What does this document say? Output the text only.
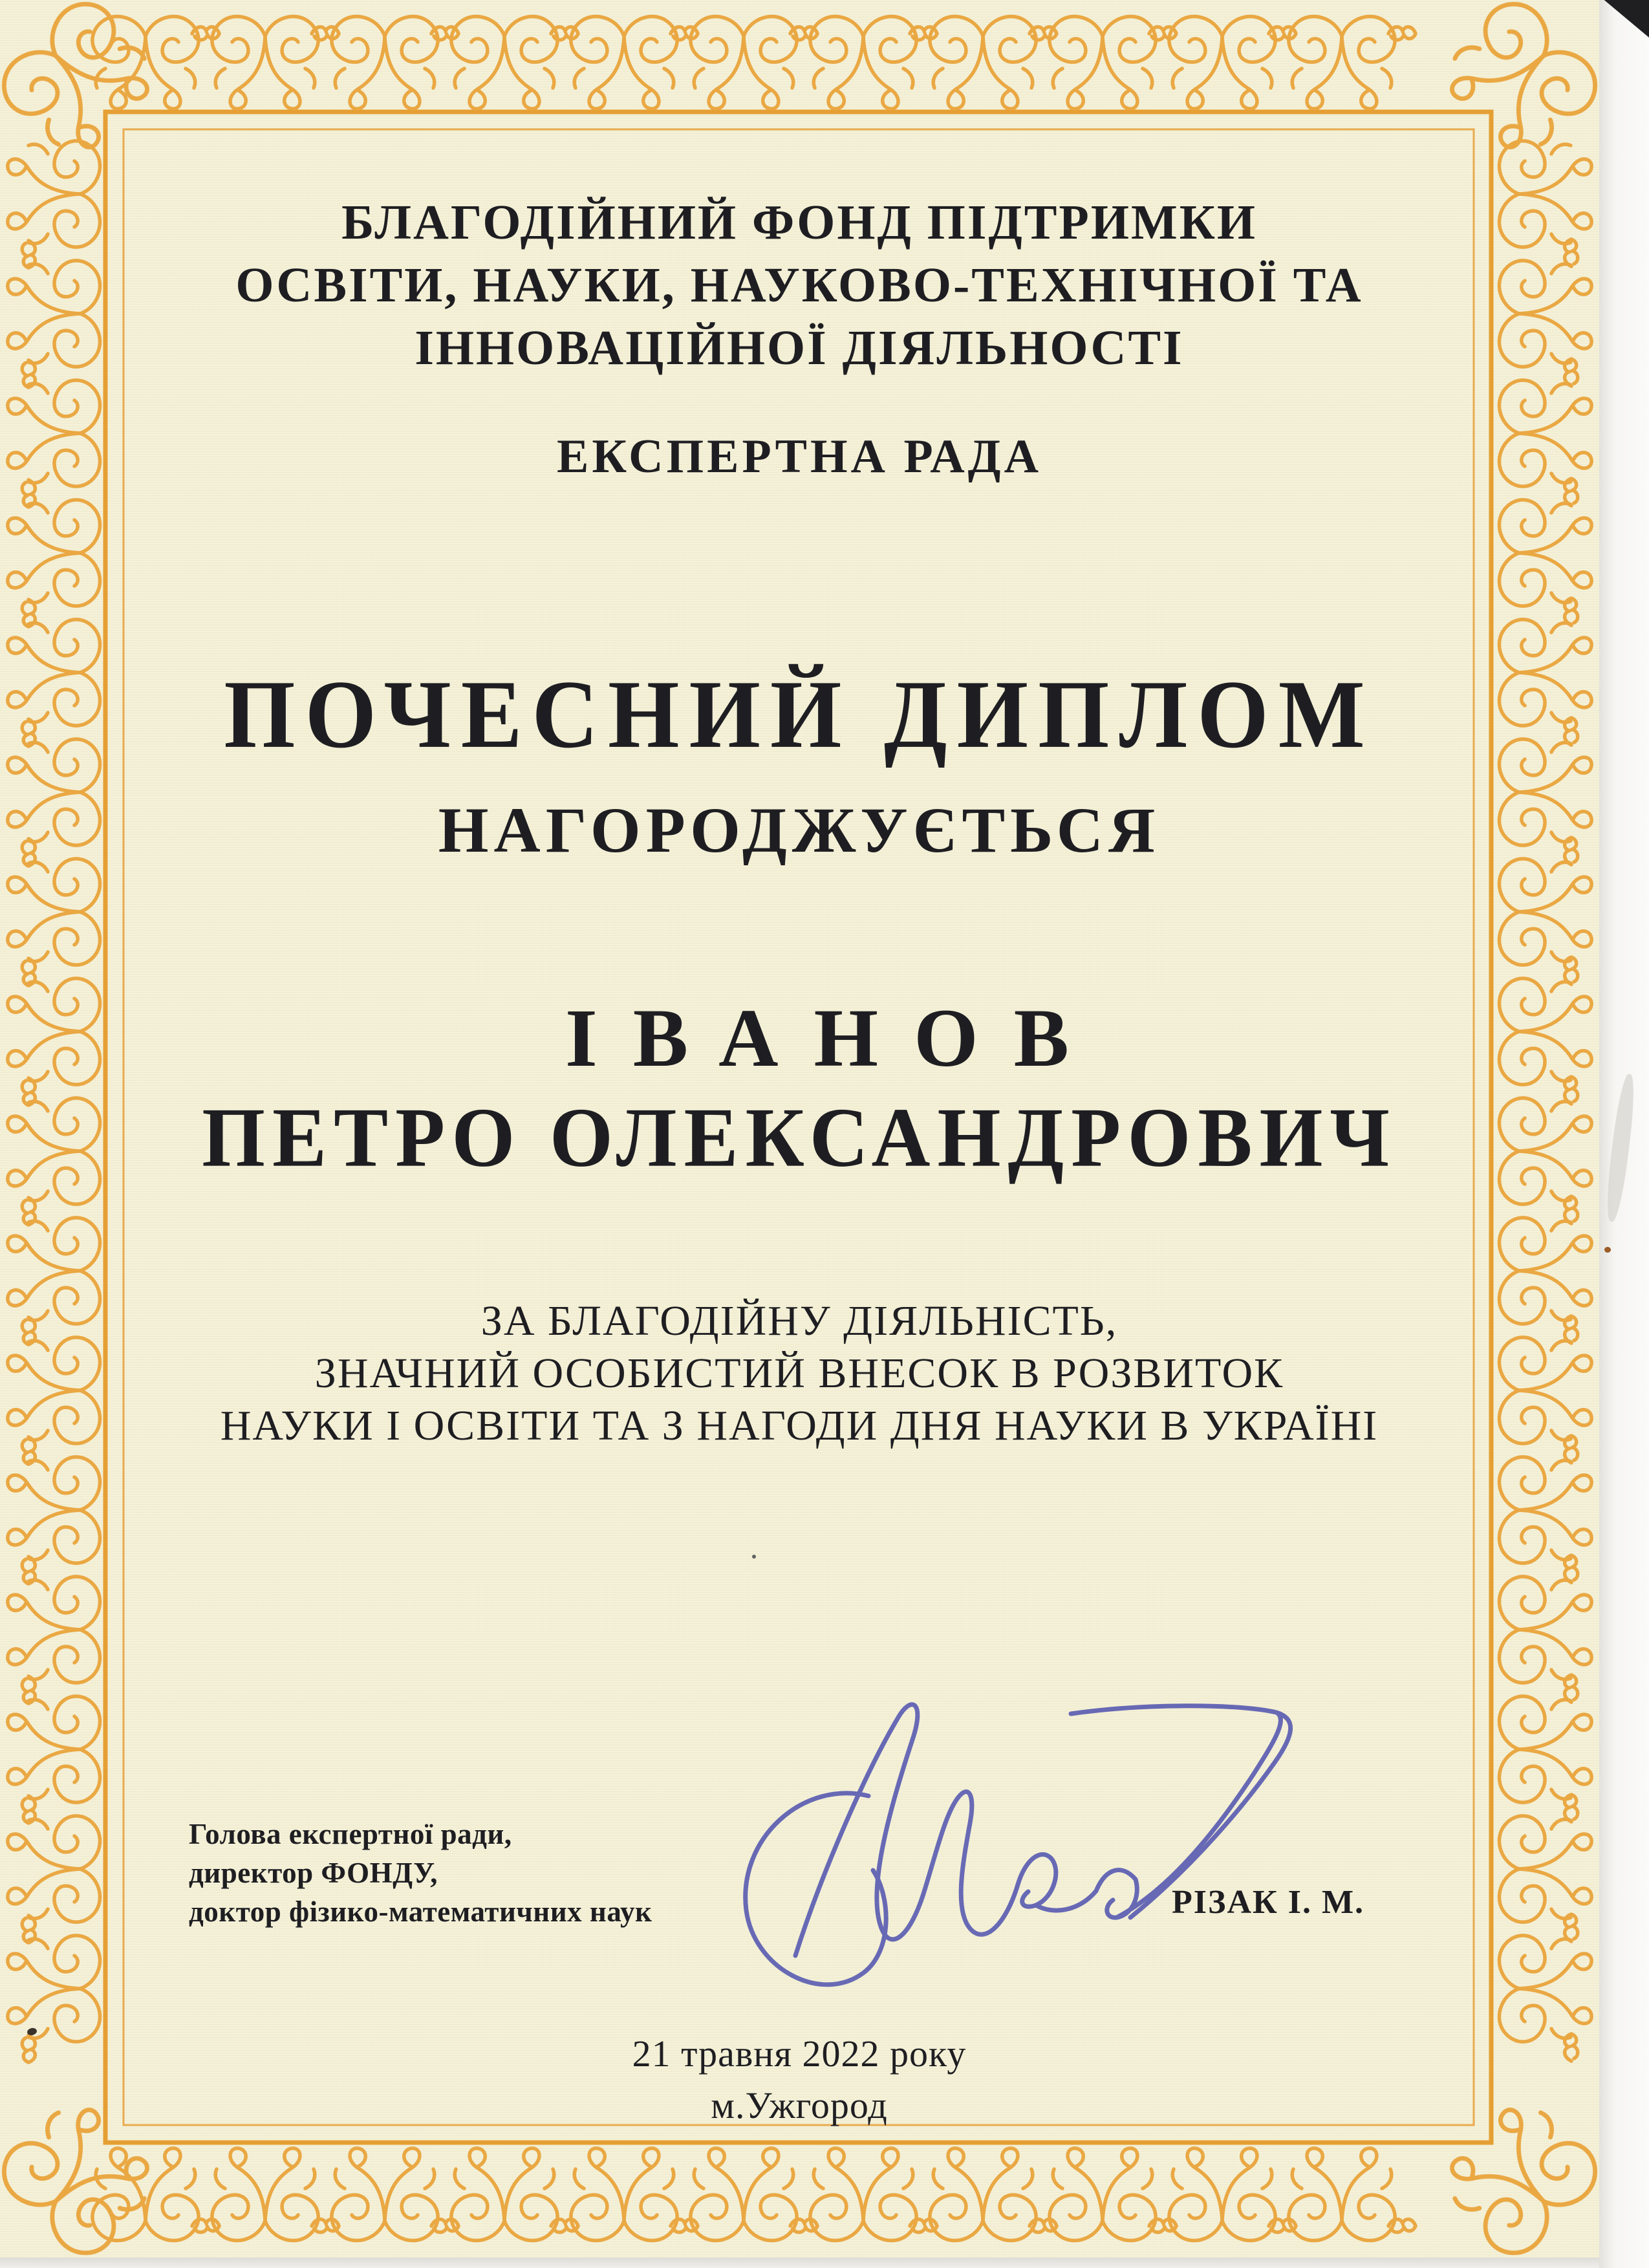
БЛАГОДІЙНИЙ ФОНД ПІДТРИМКИ
ОСВІТИ, НАУКИ, НАУКОВО-ТЕХНІЧНОЇ ТА
ІННОВАЦІЙНОЇ ДІЯЛЬНОСТІ
ЕКСПЕРТНА РАДА
ПОЧЕСНИЙ ДИПЛОМ
НАГОРОДЖУЄТЬСЯ
ІВАНОВ
ПЕТРО ОЛЕКСАНДРОВИЧ
ЗА БЛАГОДІЙНУ ДІЯЛЬНІСТЬ,
ЗНАЧНИЙ ОСОБИСТИЙ ВНЕСОК В РОЗВИТОК
НАУКИ І ОСВІТИ ТА З НАГОДИ ДНЯ НАУКИ В УКРАЇНІ
Голова експертної ради,
директор ФОНДУ,
доктор фізико-математичних наук	РІЗАК І. М.
21 травня 2022 року
м.Ужгород
